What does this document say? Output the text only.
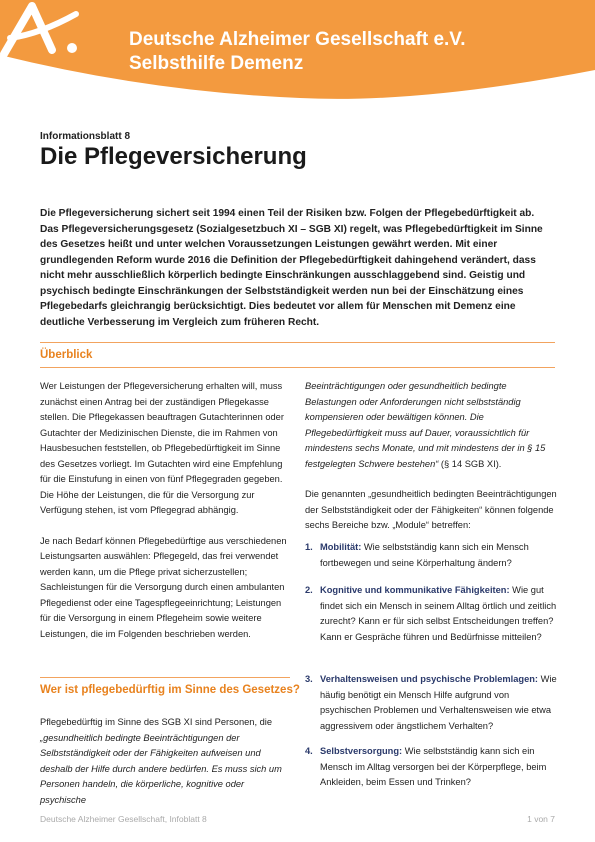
Deutsche Alzheimer Gesellschaft e.V.
Selbsthilfe Demenz
Informationsblatt 8
Die Pflegeversicherung
Die Pflegeversicherung sichert seit 1994 einen Teil der Risiken bzw. Folgen der Pflegebedürftigkeit ab. Das Pflegeversicherungsgesetz (Sozialgesetzbuch XI – SGB XI) regelt, was Pflegebedürftigkeit im Sinne des Gesetzes heißt und unter welchen Voraussetzungen Leistungen gewährt werden. Mit einer grundlegenden Reform wurde 2016 die Definition der Pflegebedürftigkeit dahingehend verändert, dass nicht mehr ausschließlich körperlich bedingte Einschränkungen ausschlaggebend sind. Geistig und psychisch bedingte Einschränkungen der Selbstständigkeit werden nun bei der Einschätzung eines Pflegebedarfs gleichrangig berücksichtigt. Dies bedeutet vor allem für Menschen mit Demenz eine deutliche Verbesserung im Vergleich zum früheren Recht.
Überblick

Wer Leistungen der Pflegeversicherung erhalten will, muss zunächst einen Antrag bei der zuständigen Pflegekasse stellen. Die Pflegekassen beauftragen Gutachterinnen oder Gutachter der Medizinischen Dienste, die im Rahmen von Hausbesuchen feststellen, ob Pflegebedürftigkeit im Sinne des Gesetzes vorliegt. Im Gutachten wird eine Empfehlung für die Einstufung in einen von fünf Pflegegraden gegeben. Die Höhe der Leistungen, die für die Versorgung zur Verfügung stehen, ist vom Pflegegrad abhängig.

Je nach Bedarf können Pflegebedürftige aus verschiedenen Leistungsarten auswählen: Pflegegeld, das frei verwendet werden kann, um die Pflege privat sicherzustellen; Sachleistungen für die Versorgung durch einen ambulanten Pflegedienst oder eine Tagespflegeeinrichtung; Leistungen für die Versorgung in einem Pflegeheim sowie weitere Leistungen, die im Folgenden beschrieben werden.

Wer ist pflegebedürftig im Sinne des Gesetzes?

Pflegebedürftig im Sinne des SGB XI sind Personen, die „gesundheitlich bedingte Beeinträchtigungen der Selbstständigkeit oder der Fähigkeiten aufweisen und deshalb der Hilfe durch andere bedürfen. Es muss sich um Personen handeln, die körperliche, kognitive oder psychische

Beeinträchtigungen oder gesundheitlich bedingte Belastungen oder Anforderungen nicht selbstständig kompensieren oder bewältigen können. Die Pflegebedürftigkeit muss auf Dauer, voraussichtlich für mindestens sechs Monate, und mit mindestens der in § 15 festgelegten Schwere bestehen“ (§ 14 SGB XI).

Die genannten „gesundheitlich bedingten Beeinträchtigungen der Selbstständigkeit oder der Fähigkeiten“ können folgende sechs Bereiche bzw. „Module“ betreffen:

1. Mobilität: Wie selbstständig kann sich ein Mensch fortbewegen und seine Körperhaltung ändern?
2. Kognitive und kommunikative Fähigkeiten: Wie gut findet sich ein Mensch in seinem Alltag örtlich und zeitlich zurecht? Kann er für sich selbst Entscheidungen treffen? Kann er Gespräche führen und Bedürfnisse mitteilen?
3. Verhaltensweisen und psychische Problemlagen: Wie häufig benötigt ein Mensch Hilfe aufgrund von psychischen Problemen und Verhaltensweisen wie etwa aggressivem oder ängstlichem Verhalten?
4. Selbstversorgung: Wie selbstständig kann sich ein Mensch im Alltag versorgen bei der Körperpflege, beim Ankleiden, beim Essen und Trinken?
Deutsche Alzheimer Gesellschaft, Infoblatt 8	1 von 7
